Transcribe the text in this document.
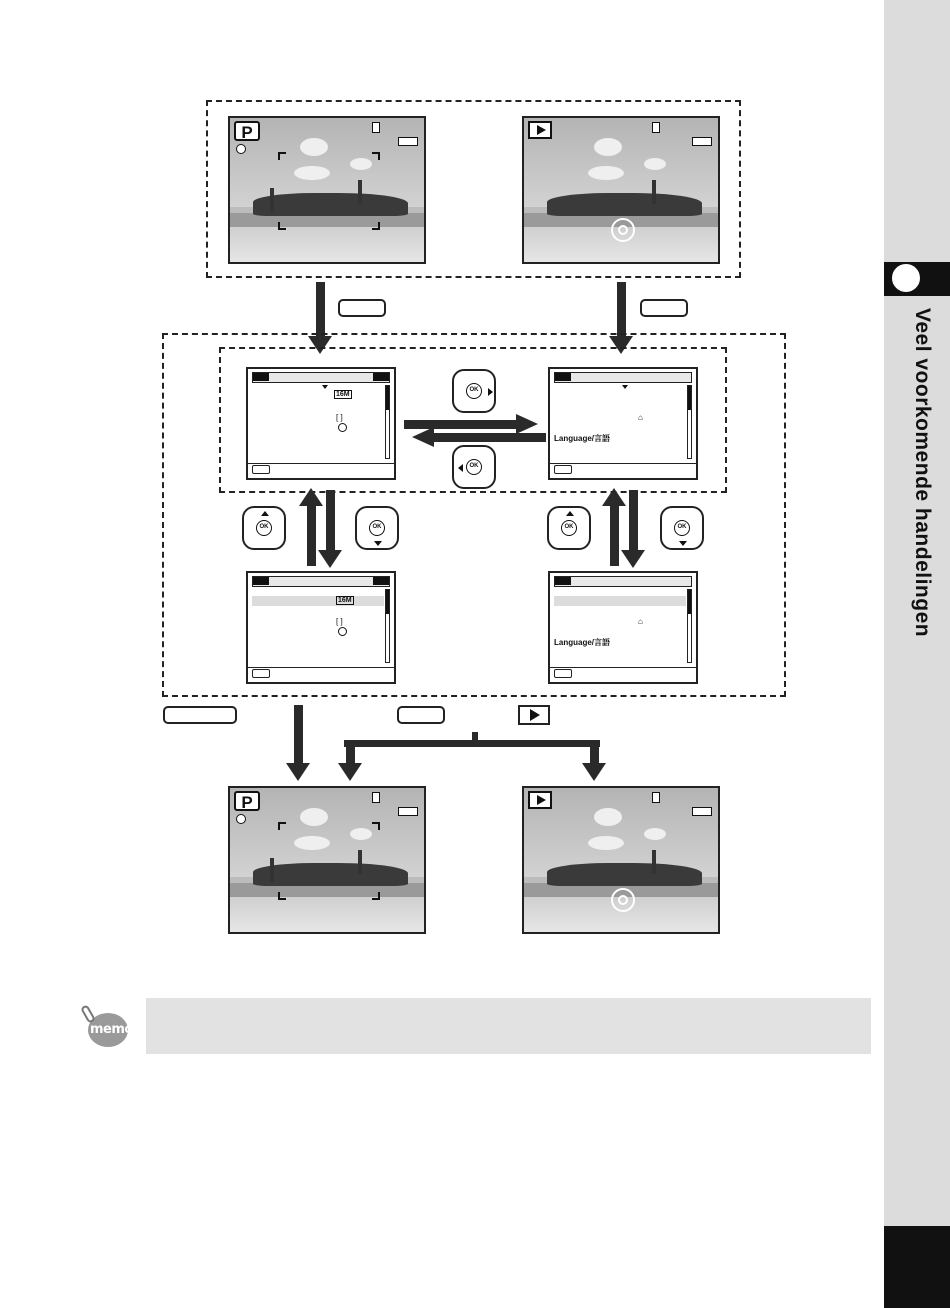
Veel voorkomende handelingen
P
16M
[ ]	⌂
Language/言語
OK
OK
OK	OK	OK	OK
16M
[ ]	⌂
Language/言語
P
memo
